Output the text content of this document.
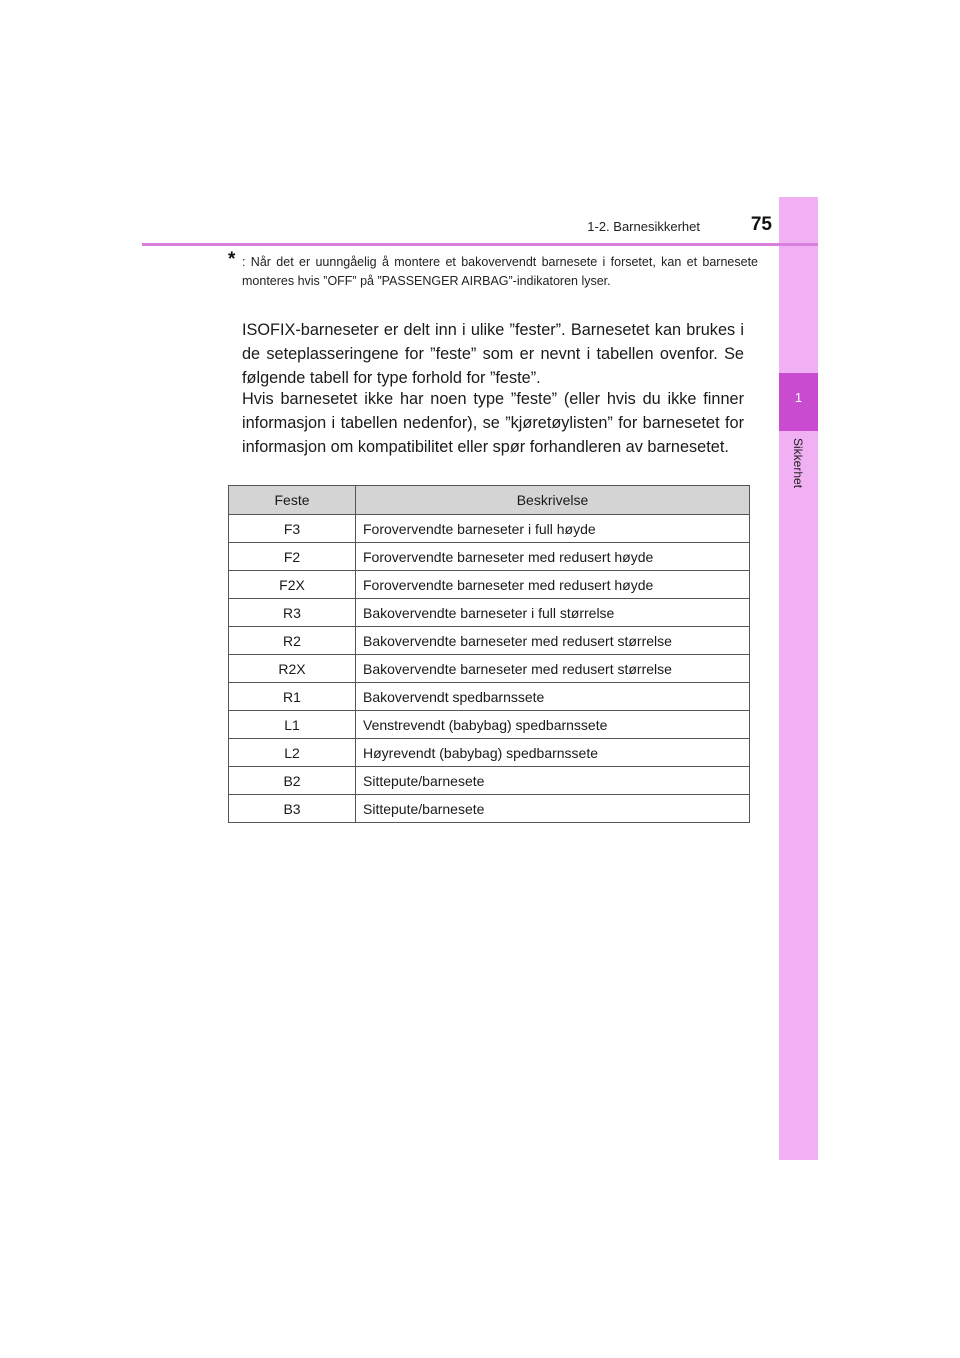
1
Sikkerhet
1-2. Barnesikkerhet	75
* : Når det er uunngåelig å montere et bakovervendt barnesete i forsetet, kan et barnesete monteres hvis ”OFF” på ”PASSENGER AIRBAG”-indikatoren lyser.

ISOFIX-barneseter er delt inn i ulike ”fester”. Barnesetet kan brukes i de seteplasseringene for ”feste” som er nevnt i tabellen ovenfor. Se følgende tabell for type forhold for ”feste”.

Hvis barnesetet ikke har noen type ”feste” (eller hvis du ikke finner informasjon i tabellen nedenfor), se ”kjøretøylisten” for barnesetet for informasjon om kompatibilitet eller spør forhandleren av barnesetet.

Feste	Beskrivelse
F3	Forovervendte barneseter i full høyde
F2	Forovervendte barneseter med redusert høyde
F2X	Forovervendte barneseter med redusert høyde
R3	Bakovervendte barneseter i full størrelse
R2	Bakovervendte barneseter med redusert størrelse
R2X	Bakovervendte barneseter med redusert størrelse
R1	Bakovervendt spedbarnssete
L1	Venstrevendt (babybag) spedbarnssete
L2	Høyrevendt (babybag) spedbarnssete
B2	Sittepute/barnesete
B3	Sittepute/barnesete
